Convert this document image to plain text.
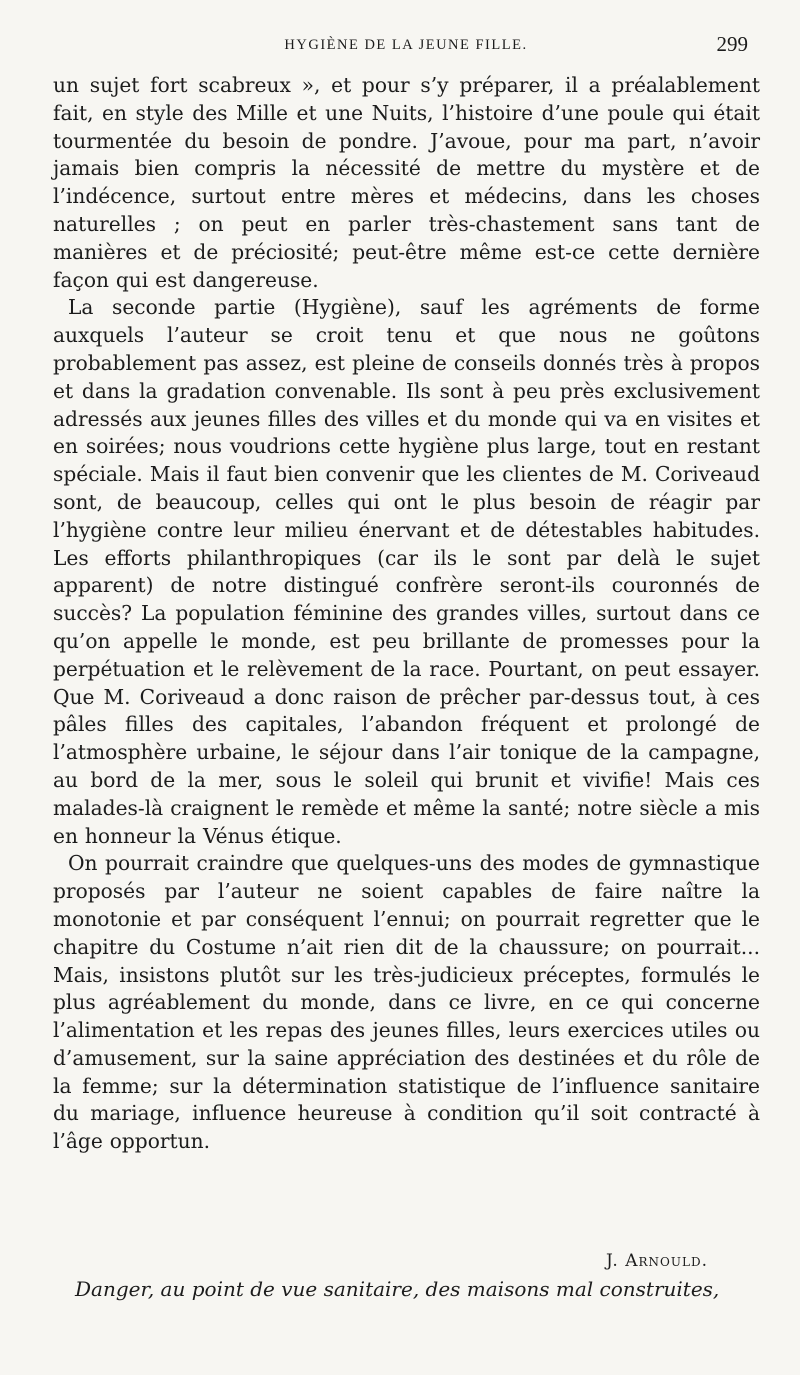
HYGIÈNE DE LA JEUNE FILLE.	299

un sujet fort scabreux », et pour s’y préparer, il a préalablement fait, en style des Mille et une Nuits, l’histoire d’une poule qui était tourmentée du besoin de pondre. J’avoue, pour ma part, n’avoir jamais bien compris la nécessité de mettre du mystère et de l’indécence, surtout entre mères et médecins, dans les choses naturelles ; on peut en parler très-chastement sans tant de manières et de préciosité; peut-être même est-ce cette dernière façon qui est dangereuse.

La seconde partie (Hygiène), sauf les agréments de forme auxquels l’auteur se croit tenu et que nous ne goûtons probablement pas assez, est pleine de conseils donnés très à propos et dans la gradation convenable. Ils sont à peu près exclusivement adressés aux jeunes filles des villes et du monde qui va en visites et en soirées; nous voudrions cette hygiène plus large, tout en restant spéciale. Mais il faut bien convenir que les clientes de M. Coriveaud sont, de beaucoup, celles qui ont le plus besoin de réagir par l’hygiène contre leur milieu énervant et de détestables habitudes. Les efforts philanthropiques (car ils le sont par delà le sujet apparent) de notre distingué confrère seront-ils couronnés de succès? La population féminine des grandes villes, surtout dans ce qu’on appelle le monde, est peu brillante de promesses pour la perpétuation et le relèvement de la race. Pourtant, on peut essayer. Que M. Coriveaud a donc raison de prêcher par-dessus tout, à ces pâles filles des capitales, l’abandon fréquent et prolongé de l’atmosphère urbaine, le séjour dans l’air tonique de la campagne, au bord de la mer, sous le soleil qui brunit et vivifie! Mais ces malades-là craignent le remède et même la santé; notre siècle a mis en honneur la Vénus étique.

On pourrait craindre que quelques-uns des modes de gymnastique proposés par l’auteur ne soient capables de faire naître la monotonie et par conséquent l’ennui; on pourrait regretter que le chapitre du Costume n’ait rien dit de la chaussure; on pourrait... Mais, insistons plutôt sur les très-judicieux préceptes, formulés le plus agréablement du monde, dans ce livre, en ce qui concerne l’alimentation et les repas des jeunes filles, leurs exercices utiles ou d’amusement, sur la saine appréciation des destinées et du rôle de la femme; sur la détermination statistique de l’influence sanitaire du mariage, influence heureuse à condition qu’il soit contracté à l’âge opportun.

J. Arnould.
Danger, au point de vue sanitaire, des maisons mal construites,
